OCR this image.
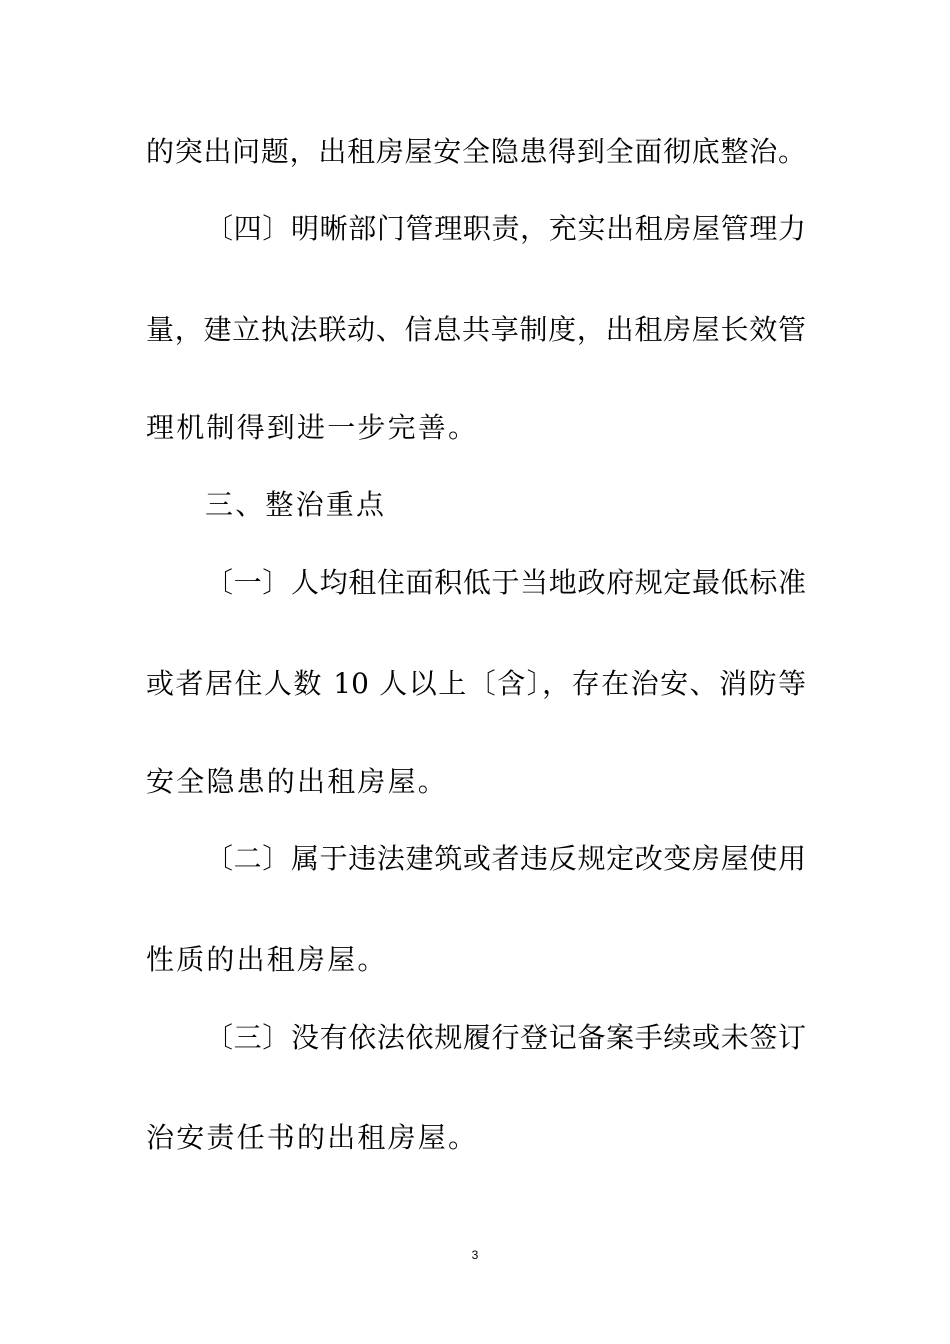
的突出问题，出租房屋安全隐患得到全面彻底整治。
〔四〕明晰部门管理职责，充实出租房屋管理力
量，建立执法联动、信息共享制度，出租房屋长效管
理机制得到进一步完善。
三、整治重点
〔一〕人均租住面积低于当地政府规定最低标准
或者居住人数 10 人以上〔含〕，存在治安、消防等
安全隐患的出租房屋。
〔二〕属于违法建筑或者违反规定改变房屋使用
性质的出租房屋。
〔三〕没有依法依规履行登记备案手续或未签订
治安责任书的出租房屋。
3
